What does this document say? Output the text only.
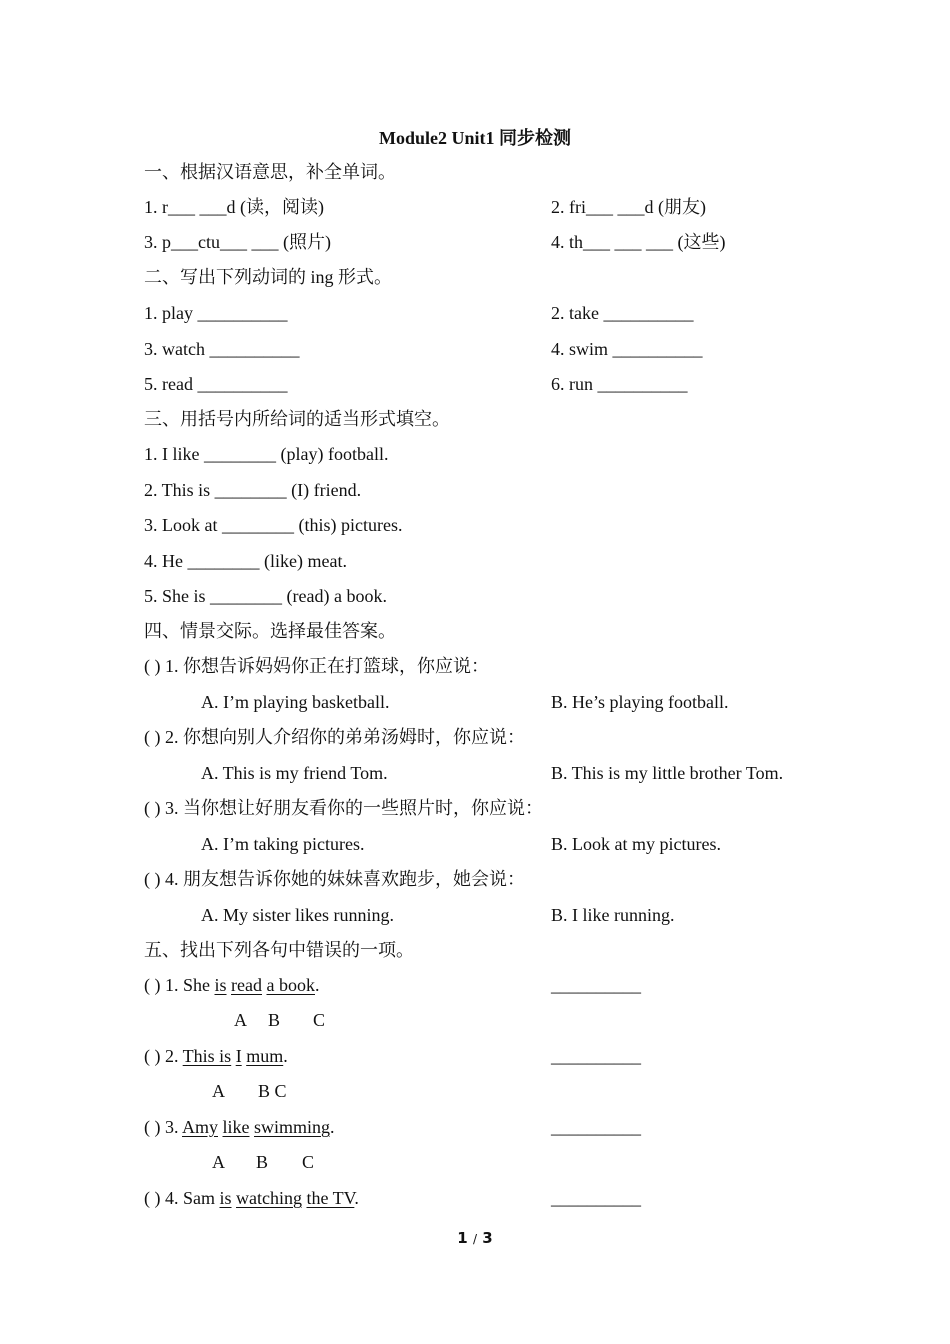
Module2 Unit1 同步检测
一、根据汉语意思，补全单词。
1. r___ ___d (读，阅读)	2. fri___ ___d (朋友)
3. p___ctu___ ___ (照片)	4. th___ ___ ___ (这些)
二、写出下列动词的 ing 形式。
1. play __________	2. take __________
3. watch __________	4. swim __________
5. read __________	6. run __________
三、用括号内所给词的适当形式填空。
1. I like ________ (play) football.
2. This is ________ (I) friend.
3. Look at ________ (this) pictures.
4. He ________ (like) meat.
5. She is ________ (read) a book.
四、情景交际。选择最佳答案。
( ) 1. 你想告诉妈妈你正在打篮球，你应说：
A. I’m playing basketball.	B. He’s playing football.
( ) 2. 你想向别人介绍你的弟弟汤姆时，你应说：
A. This is my friend Tom.	B. This is my little brother Tom.
( ) 3. 当你想让好朋友看你的一些照片时，你应说：
A. I’m taking pictures.	B. Look at my pictures.
( ) 4. 朋友想告诉你她的妹妹喜欢跑步，她会说：
A. My sister likes running.	B. I like running.
五、找出下列各句中错误的一项。
( ) 1. She is read a book.	__________
A B C
( ) 2. This is I mum.	__________
A B C
( ) 3. Amy like swimming.	__________
A B C
( ) 4. Sam is watching the TV.	__________
1 / 3
